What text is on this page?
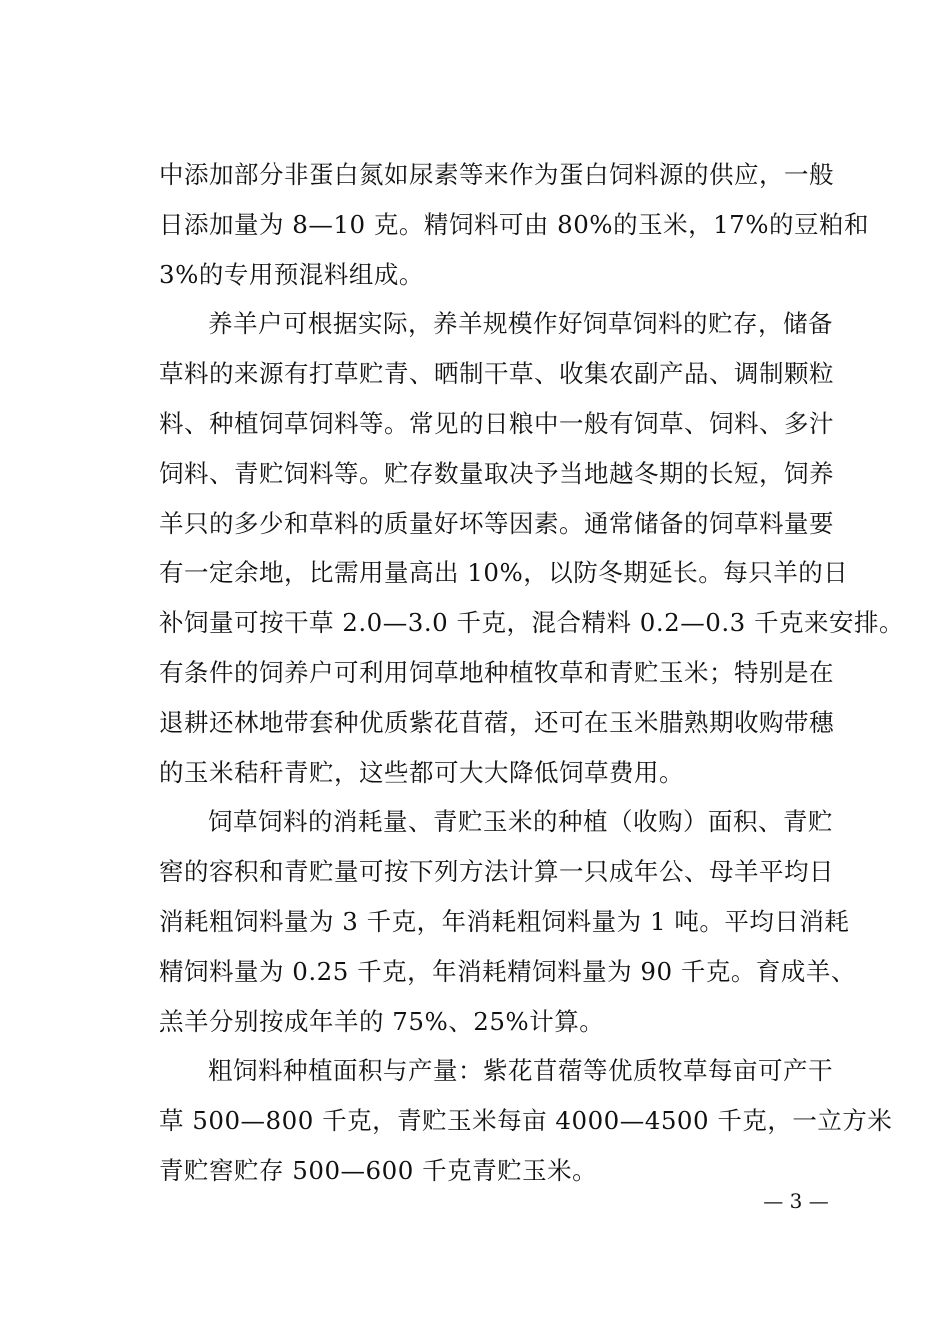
中添加部分非蛋白氮如尿素等来作为蛋白饲料源的供应，一般
日添加量为 8—10 克。精饲料可由 80%的玉米，17%的豆粕和
3%的专用预混料组成。

养羊户可根据实际，养羊规模作好饲草饲料的贮存，储备
草料的来源有打草贮青、晒制干草、收集农副产品、调制颗粒
料、种植饲草饲料等。常见的日粮中一般有饲草、饲料、多汁
饲料、青贮饲料等。贮存数量取决予当地越冬期的长短，饲养
羊只的多少和草料的质量好坏等因素。通常储备的饲草料量要
有一定余地，比需用量高出 10%，以防冬期延长。每只羊的日
补饲量可按干草 2.0—3.0 千克，混合精料 0.2—0.3 千克来安排。
有条件的饲养户可利用饲草地种植牧草和青贮玉米；特别是在
退耕还林地带套种优质紫花苜蓿，还可在玉米腊熟期收购带穗
的玉米秸秆青贮，这些都可大大降低饲草费用。

饲草饲料的消耗量、青贮玉米的种植（收购）面积、青贮
窖的容积和青贮量可按下列方法计算一只成年公、母羊平均日
消耗粗饲料量为 3 千克，年消耗粗饲料量为 1 吨。平均日消耗
精饲料量为 0.25 千克，年消耗精饲料量为 90 千克。育成羊、
羔羊分别按成年羊的 75%、25%计算。

粗饲料种植面积与产量：紫花苜蓿等优质牧草每亩可产干
草 500—800 千克，青贮玉米每亩 4000—4500 千克，一立方米
青贮窖贮存 500—600 千克青贮玉米。

— 3 —
